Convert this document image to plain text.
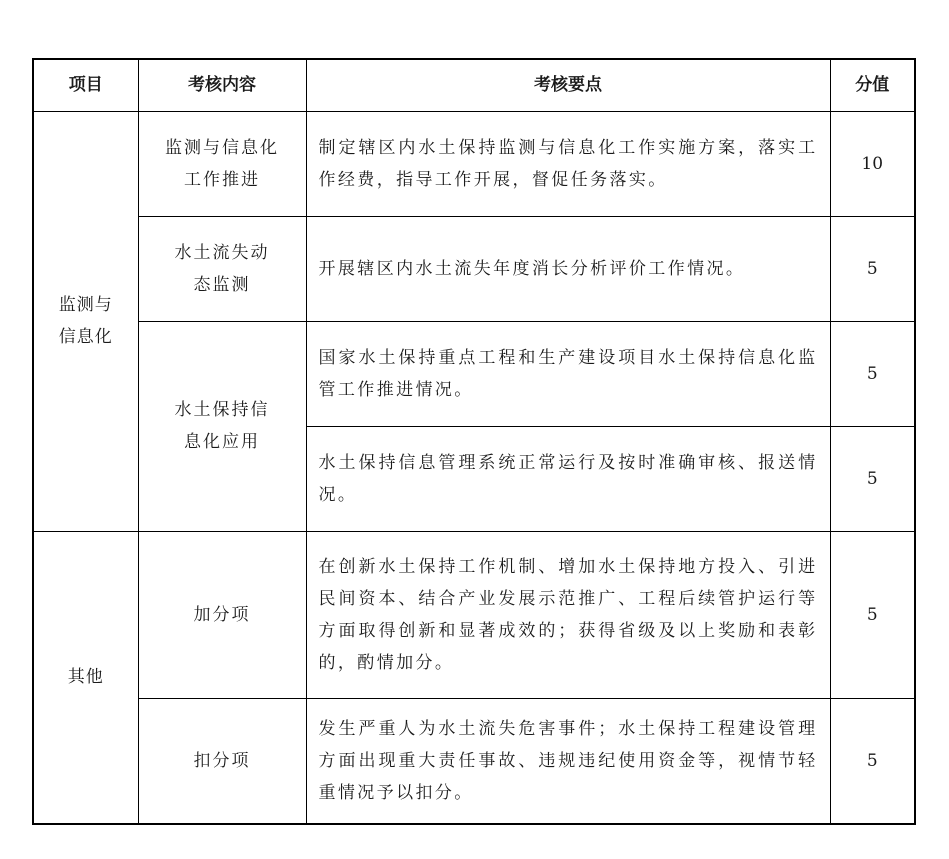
项目	考核内容	考核要点	分值

监测与信息化	监测与信息化工作推进	制定辖区内水土保持监测与信息化工作实施方案，落实工作经费，指导工作开展，督促任务落实。	10

	水土流失动态监测	开展辖区内水土流失年度消长分析评价工作情况。	5

	水土保持信息化应用	国家水土保持重点工程和生产建设项目水土保持信息化监管工作推进情况。	5
		水土保持信息管理系统正常运行及按时准确审核、报送情况。	5
其他	加分项	在创新水土保持工作机制、增加水土保持地方投入、引进民间资本、结合产业发展示范推广、工程后续管护运行等方面取得创新和显著成效的；获得省级及以上奖励和表彰的，酌情加分。	5
	扣分项	发生严重人为水土流失危害事件；水土保持工程建设管理方面出现重大责任事故、违规违纪使用资金等，视情节轻重情况予以扣分。	5
